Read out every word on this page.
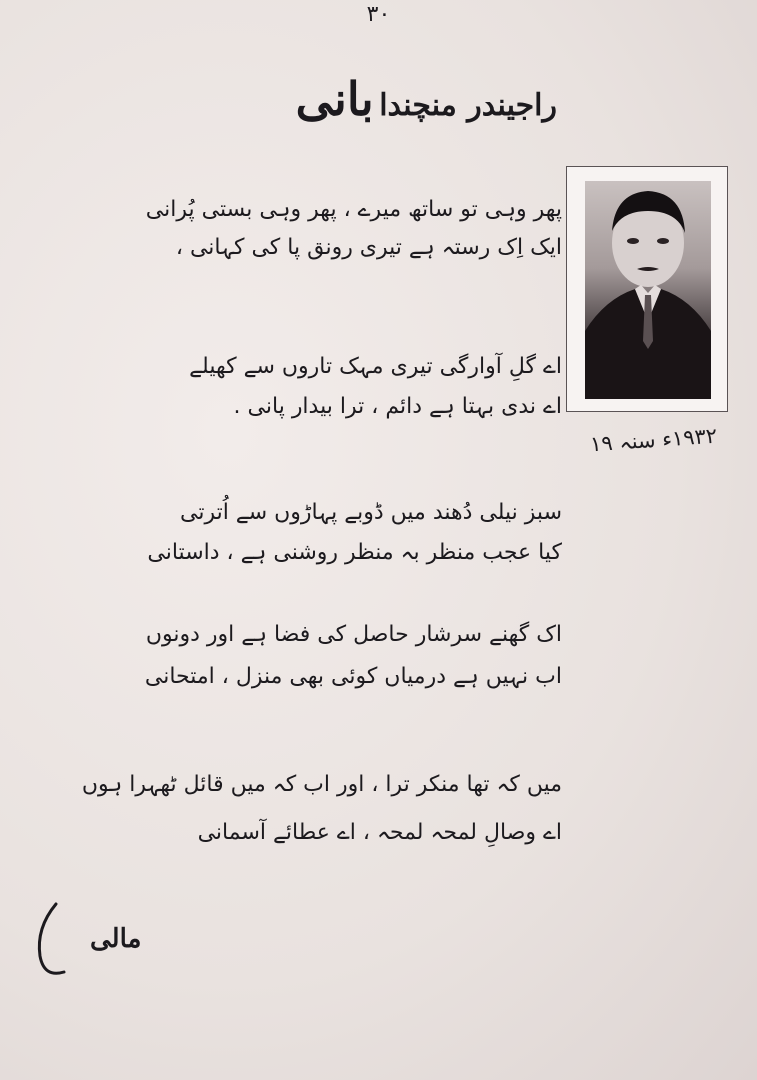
۳۰
راجیندر منچندا بانی
۱۹۳۲ء سنہ ۱۹
پھر وہی تو ساتھ میرے ، پھر وہی بستی پُرانی
ایک اِک رستہ ہے تیری رونق پا کی کہانی ،
اے گلِ آوارگی تیری مہک تاروں سے کھیلے
اے ندی بہتا ہے دائم ، ترا بیدار پانی .
سبز نیلی دُھند میں ڈوبے پہاڑوں سے اُترتی
کیا عجب منظر بہ منظر روشنی ہے ، داستانی
اک گھنے سرشار حاصل کی فضا ہے اور دونوں
اب نہیں ہے درمیاں کوئی بھی منزل ، امتحانی
میں کہ تھا منکر ترا ، اور اب کہ میں قائل ٹھہرا ہوں
اے وصالِ لمحہ لمحہ ، اے عطائے آسمانی
مالی
